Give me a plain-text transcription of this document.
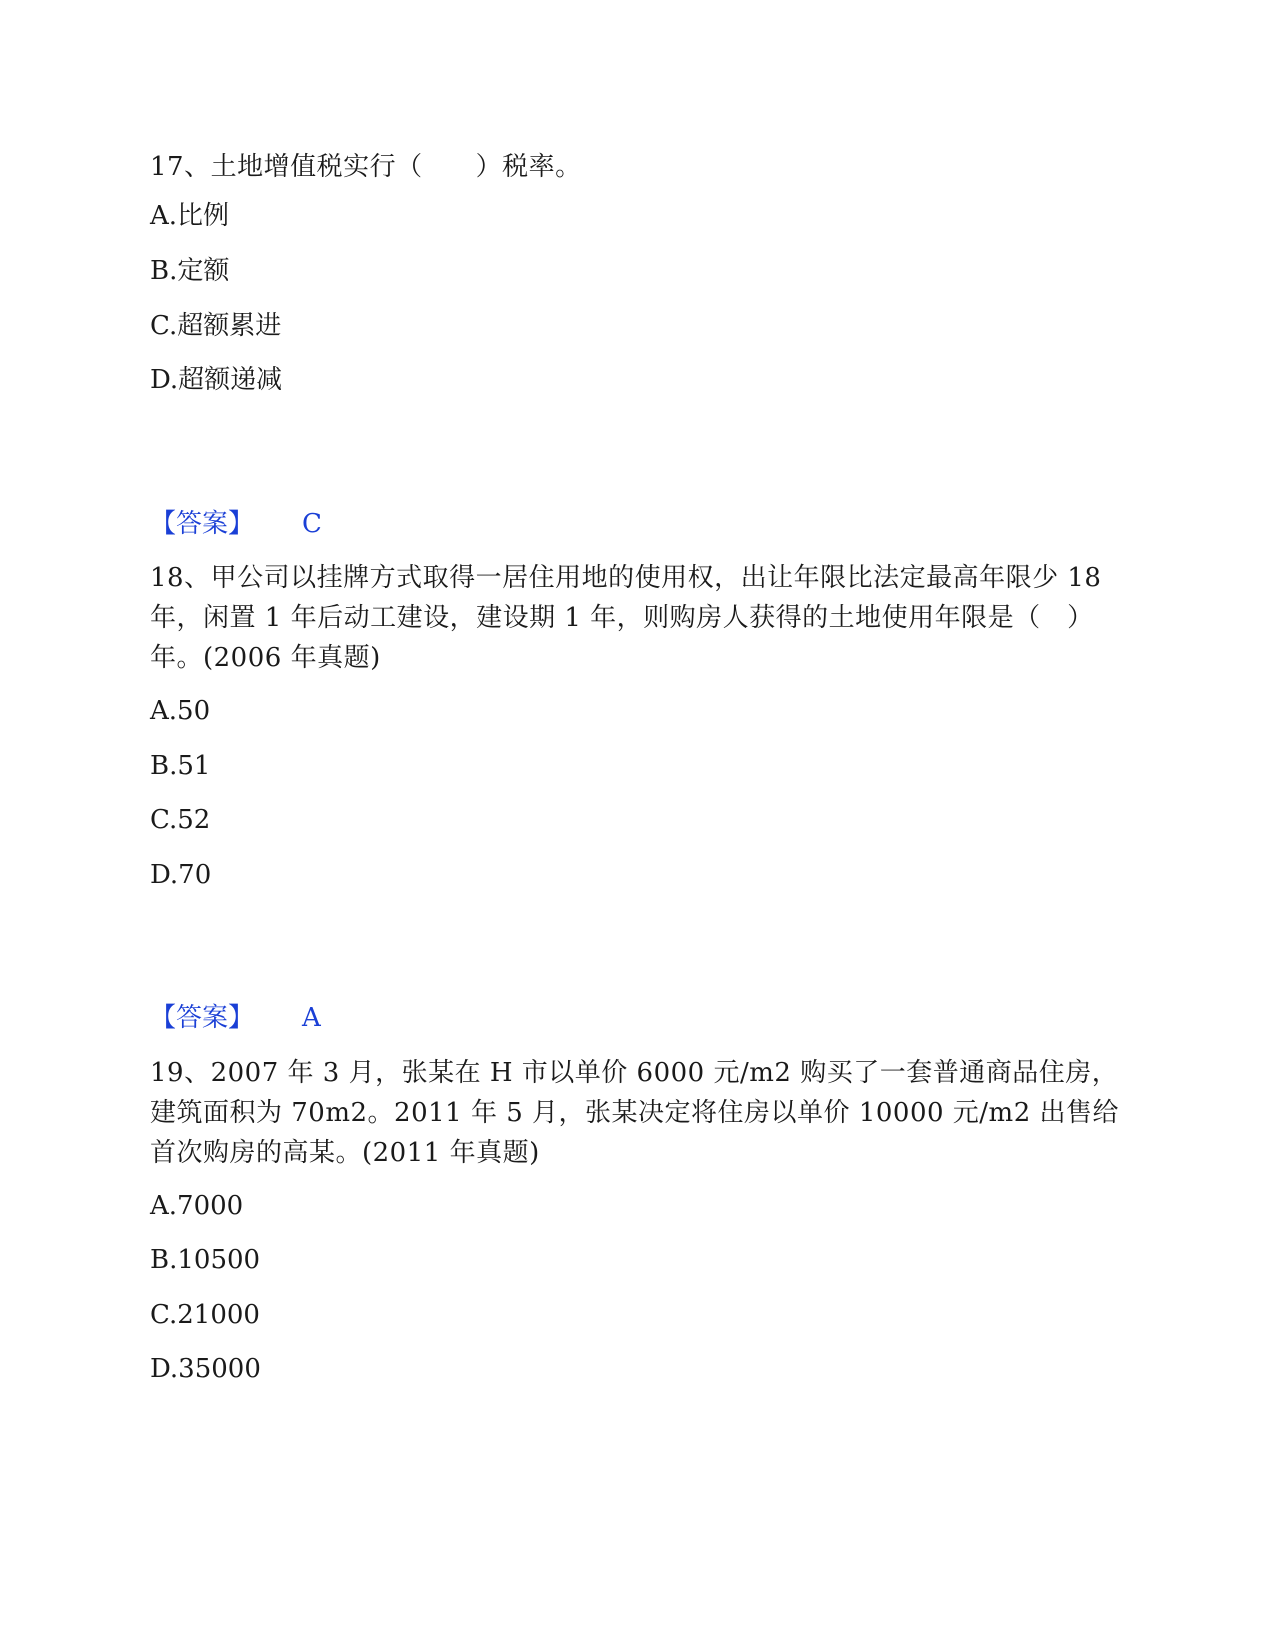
17、土地增值税实行（　　）税率。
A.比例
B.定额
C.超额累进
D.超额递减
【答案】 C
18、甲公司以挂牌方式取得一居住用地的使用权，出让年限比法定最高年限少 18 年，闲置 1 年后动工建设，建设期 1 年，则购房人获得的土地使用年限是（　）年。(2006 年真题)
A.50
B.51
C.52
D.70
【答案】 A
19、2007 年 3 月，张某在 H 市以单价 6000 元/m2 购买了一套普通商品住房，建筑面积为 70m2。2011 年 5 月，张某决定将住房以单价 10000 元/m2 出售给首次购房的高某。(2011 年真题)
A.7000
B.10500
C.21000
D.35000
